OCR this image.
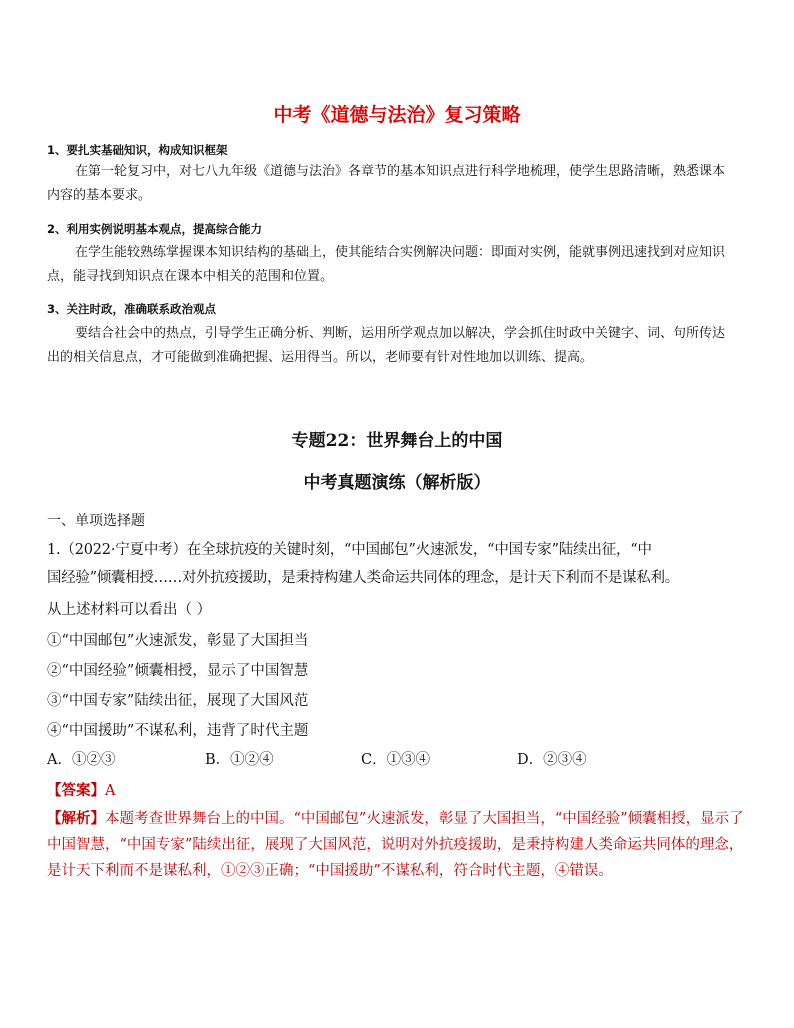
中考《道德与法治》复习策略
1、要扎实基础知识，构成知识框架
在第一轮复习中，对七八九年级《道德与法治》各章节的基本知识点进行科学地梳理，使学生思路清晰，熟悉课本内容的基本要求。
2、利用实例说明基本观点，提高综合能力
在学生能较熟练掌握课本知识结构的基础上，使其能结合实例解决问题：即面对实例，能就事例迅速找到对应知识点，能寻找到知识点在课本中相关的范围和位置。
3、关注时政，准确联系政治观点
要结合社会中的热点，引导学生正确分析、判断，运用所学观点加以解决，学会抓住时政中关键字、词、句所传达出的相关信息点，才可能做到准确把握、运用得当。所以，老师要有针对性地加以训练、提高。
专题22：世界舞台上的中国
中考真题演练（解析版）
一、单项选择题
1.（2022·宁夏中考）在全球抗疫的关键时刻，“中国邮包”火速派发，“中国专家”陆续出征，“中
国经验”倾囊相授……对外抗疫援助，是秉持构建人类命运共同体的理念，是计天下利而不是谋私利。
从上述材料可以看出（ ）
①“中国邮包”火速派发，彰显了大国担当
②“中国经验”倾囊相授，显示了中国智慧
③“中国专家”陆续出征，展现了大国风范
④“中国援助”不谋私利，违背了时代主题
A．①②③	B．①②④	C．①③④	D．②③④
【答案】A
【解析】本题考查世界舞台上的中国。“中国邮包”火速派发，彰显了大国担当，“中国经验”倾囊相授，显示了中国智慧，“中国专家”陆续出征，展现了大国风范，说明对外抗疫援助，是秉持构建人类命运共同体的理念，是计天下利而不是谋私利，①②③正确；“中国援助”不谋私利，符合时代主题，④错误。
